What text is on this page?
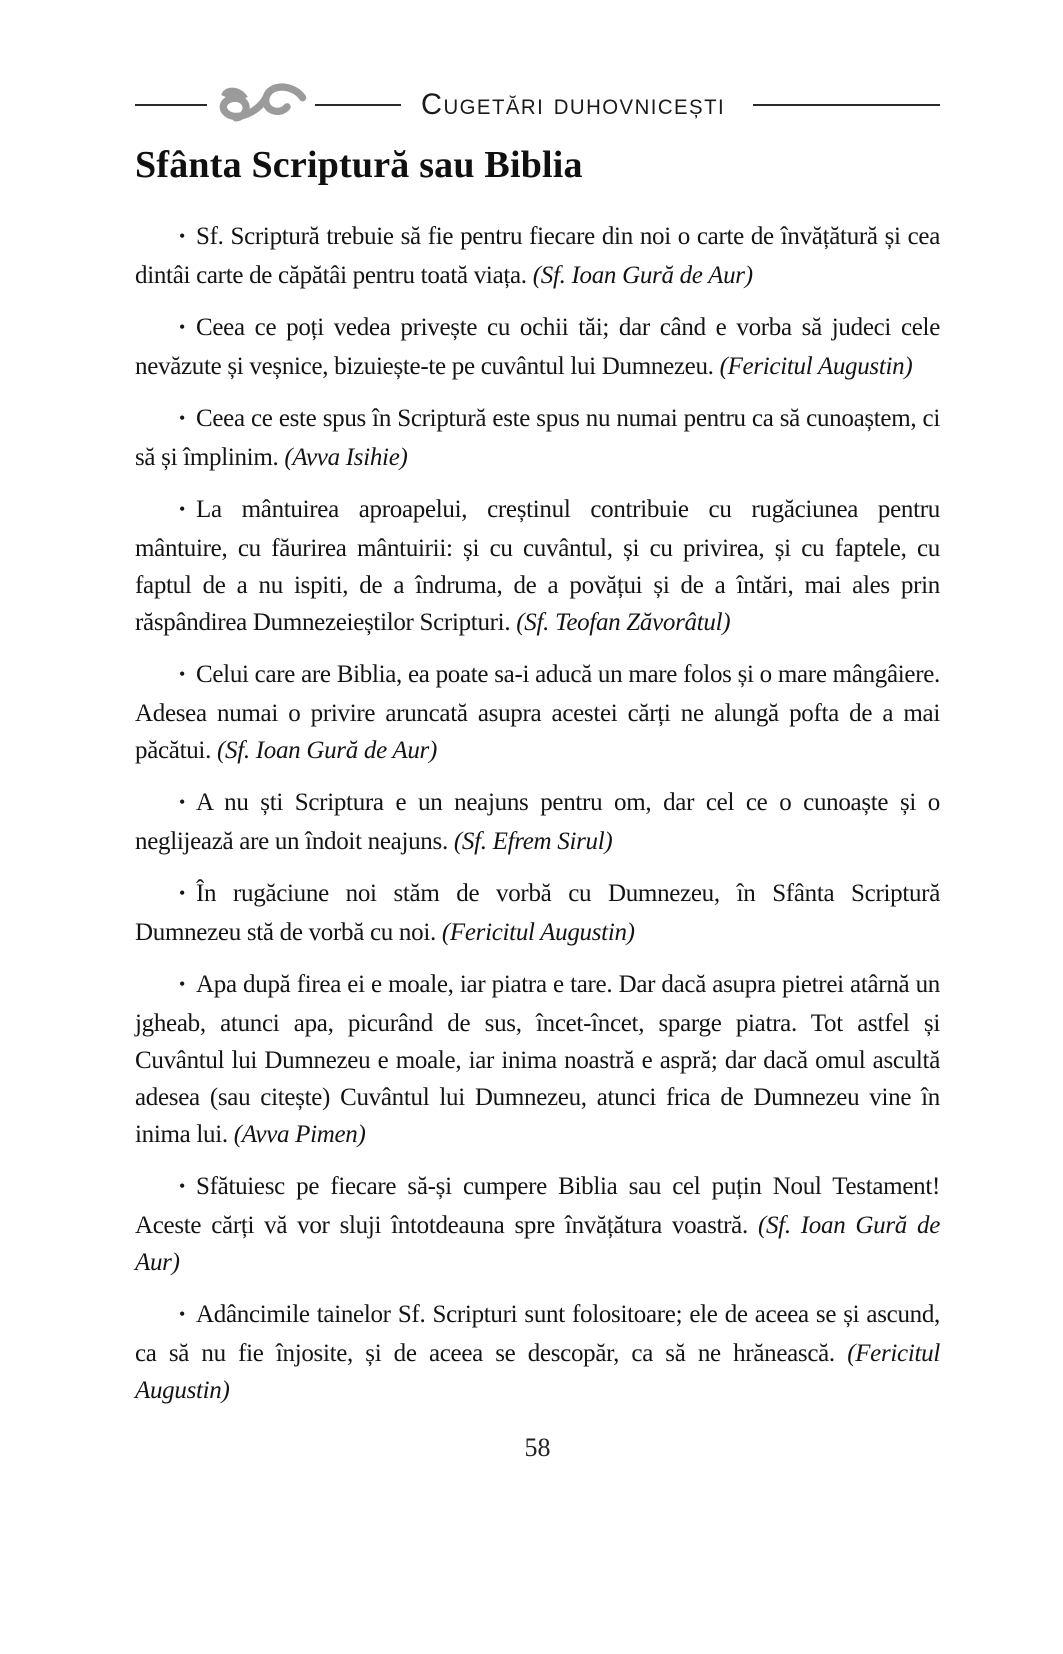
Cugetări duhovnicești
Sfânta Scriptură sau Biblia

• Sf. Scriptură trebuie să fie pentru fiecare din noi o carte de învățătură și cea dintâi carte de căpătâi pentru toată viața. (Sf. Ioan Gură de Aur)

• Ceea ce poți vedea privește cu ochii tăi; dar când e vorba să judeci cele nevăzute și veșnice, bizuiește-te pe cuvântul lui Dumnezeu. (Fericitul Augustin)

• Ceea ce este spus în Scriptură este spus nu numai pentru ca să cunoaștem, ci să și împlinim. (Avva Isihie)

• La mântuirea aproapelui, creștinul contribuie cu rugăciunea pentru mântuire, cu făurirea mântuirii: și cu cuvântul, și cu privirea, și cu faptele, cu faptul de a nu ispiti, de a îndruma, de a povățui și de a întări, mai ales prin răspândirea Dumnezeieștilor Scripturi. (Sf. Teofan Zăvorâtul)

• Celui care are Biblia, ea poate sa-i aducă un mare folos și o mare mângâiere. Adesea numai o privire aruncată asupra acestei cărți ne alungă pofta de a mai păcătui. (Sf. Ioan Gură de Aur)

• A nu ști Scriptura e un neajuns pentru om, dar cel ce o cunoaște și o neglijează are un îndoit neajuns. (Sf. Efrem Sirul)

• În rugăciune noi stăm de vorbă cu Dumnezeu, în Sfânta Scriptură Dumnezeu stă de vorbă cu noi. (Fericitul Augustin)

• Apa după firea ei e moale, iar piatra e tare. Dar dacă asupra pietrei atârnă un jgheab, atunci apa, picurând de sus, încet-încet, sparge piatra. Tot astfel și Cuvântul lui Dumnezeu e moale, iar inima noastră e aspră; dar dacă omul ascultă adesea (sau citește) Cuvântul lui Dumnezeu, atunci frica de Dumnezeu vine în inima lui. (Avva Pimen)

• Sfătuiesc pe fiecare să-și cumpere Biblia sau cel puțin Noul Testament! Aceste cărți vă vor sluji întotdeauna spre învățătura voastră. (Sf. Ioan Gură de Aur)

• Adâncimile tainelor Sf. Scripturi sunt folositoare; ele de aceea se și ascund, ca să nu fie înjosite, și de aceea se descopăr, ca să ne hrănească. (Fericitul Augustin)

58
